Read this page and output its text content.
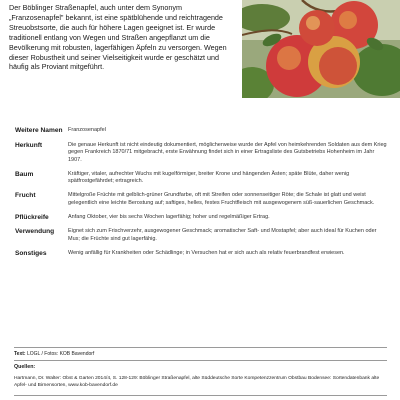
Der Böblinger Straßenapfel, auch unter dem Synonym „Franzosenapfel" bekannt, ist eine spätblühende und reichtragende Streuobstsorte, die auch für höhere Lagen geeignet ist. Er wurde traditionell entlang von Wegen und Straßen angepflanzt um die Bevölkerung mit robusten, lagerfähigen Äpfeln zu versorgen. Wegen dieser Robustheit und seiner Vielseitigkeit wurde er geschätzt und häufig als Proviant mitgeführt.

Weitere Namen	Franzosenapfel

Herkunft	Die genaue Herkunft ist nicht eindeutig dokumentiert, möglicherweise wurde der Apfel von heimkehrenden Soldaten aus dem Krieg gegen Frankreich 1870/71 mitgebracht, erste Erwähnung findet sich in einer Ertragsliste des Gutsbetriebs Hohenheim im Jahr 1907.

Baum	Kräftiger, vitaler, aufrechter Wuchs mit kugelförmiger, breiter Krone und hängenden Ästen; späte Blüte, daher wenig spätfrostgefährdet; ertragreich.

Frucht	Mittelgroße Früchte mit gelblich-grüner Grundfarbe, oft mit Streifen oder sonnenseitiger Röte; die Schale ist glatt und weist gelegentlich eine leichte Berostung auf; saftiges, helles, festes Fruchtfleisch mit ausgewogenem süß-sauerlichen Geschmack.

Pflückreife	Anfang Oktober, vier bis sechs Wochen lagerfähig; hoher und regelmäßiger Ertrag.

Verwendung	Eignet sich zum Frischverzehr, ausgewogener Geschmack; aromatischer Saft- und Mostapfel; aber auch ideal für Kuchen oder Mus; die Früchte sind gut lagerfähig.

Sonstiges	Wenig anfällig für Krankheiten oder Schädlinge; in Versuchen hat er sich auch als relativ feuerbrandfest erwiesen.
Text: LOGL / Fotos: KOB Bavendorf
Quellen:

Hartmann, Dr. Walter: Obst & Garten 2014/4, S. 128-129: Böblinger Straßenapfel, alte Süddeutsche Sorte Kompetenzzentrum Obstbau Bodensee: Sortendatenbank alte Apfel- und Birnensorten, www.kob-bavendorf.de
